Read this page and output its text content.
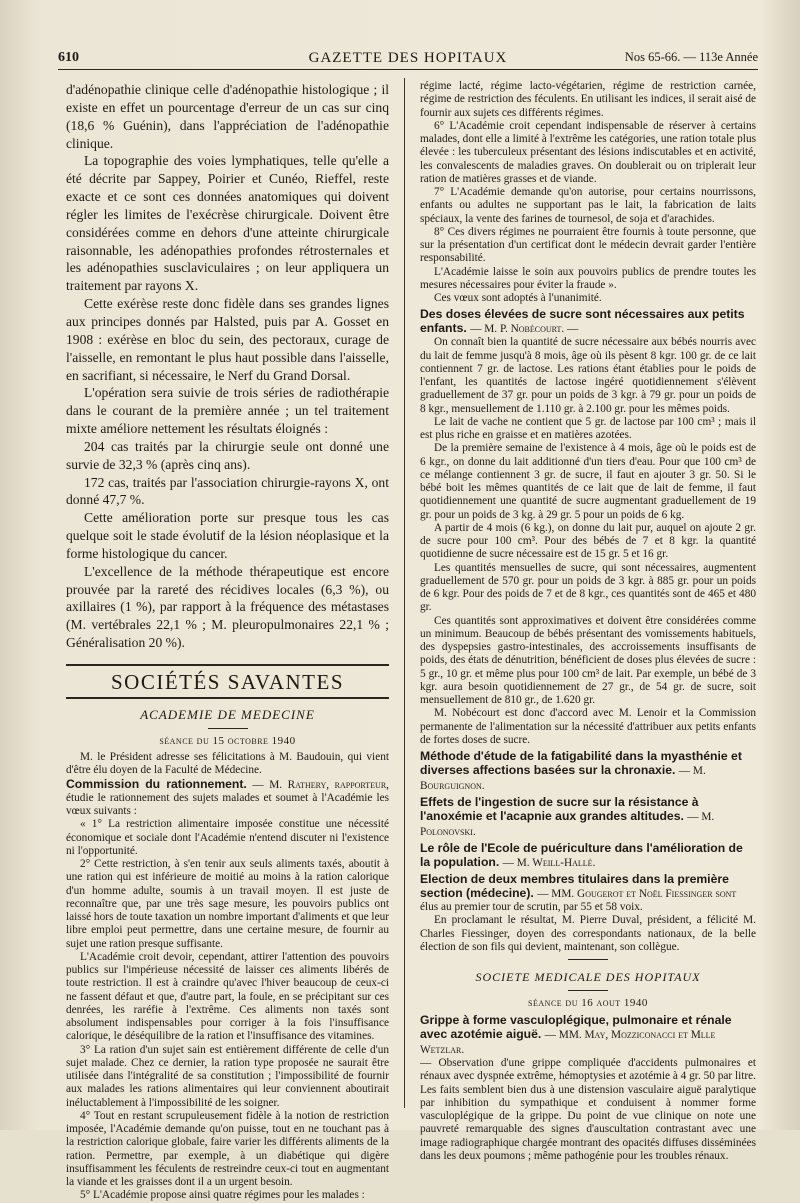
610	GAZETTE DES HOPITAUX	Nos 65-66. — 113e Année

d'adénopathie clinique celle d'adénopathie histologique ; il existe en effet un pourcentage d'erreur de un cas sur cinq (18,6 % Guénin), dans l'appréciation de l'adénopathie clinique.

La topographie des voies lymphatiques, telle qu'elle a été décrite par Sappey, Poirier et Cunéo, Rieffel, reste exacte et ce sont ces données anatomiques qui doivent régler les limites de l'exécrèse chirurgicale. Doivent être considérées comme en dehors d'une atteinte chirurgicale raisonnable, les adénopathies profondes rétrosternales et les adénopathies susclaviculaires ; on leur appliquera un traitement par rayons X.

Cette exérèse reste donc fidèle dans ses grandes lignes aux principes donnés par Halsted, puis par A. Gosset en 1908 : exérèse en bloc du sein, des pectoraux, curage de l'aisselle, en remontant le plus haut possible dans l'aisselle, en sacrifiant, si nécessaire, le Nerf du Grand Dorsal.

L'opération sera suivie de trois séries de radiothérapie dans le courant de la première année ; un tel traitement mixte améliore nettement les résultats éloignés :

204 cas traités par la chirurgie seule ont donné une survie de 32,3 % (après cinq ans).

172 cas, traités par l'association chirurgie-rayons X, ont donné 47,7 %.

Cette amélioration porte sur presque tous les cas quelque soit le stade évolutif de la lésion néoplasique et la forme histologique du cancer.

L'excellence de la méthode thérapeutique est encore prouvée par la rareté des récidives locales (6,3 %), ou axillaires (1 %), par rapport à la fréquence des métastases (M. vertébrales 22,1 % ; M. pleuropulmonaires 22,1 % ; Généralisation 20 %).

SOCIÉTÉS SAVANTES
ACADEMIE DE MEDECINE
séance du 15 octobre 1940

M. le Président adresse ses félicitations à M. Baudouin, qui vient d'être élu doyen de la Faculté de Médecine.

Commission du rationnement. — M. Rathery, rapporteur, étudie le rationnement des sujets malades et soumet à l'Académie les vœux suivants :

« 1° La restriction alimentaire imposée constitue une nécessité économique et sociale dont l'Académie n'entend discuter ni l'existence ni l'opportunité.

2° Cette restriction, à s'en tenir aux seuls aliments taxés, aboutit à une ration qui est inférieure de moitié au moins à la ration calorique d'un homme adulte, soumis à un travail moyen. Il est juste de reconnaître que, par une très sage mesure, les pouvoirs publics ont laissé hors de toute taxation un nombre important d'aliments et que leur libre emploi peut permettre, dans une certaine mesure, de fournir au sujet une ration presque suffisante.

L'Académie croit devoir, cependant, attirer l'attention des pouvoirs publics sur l'impérieuse nécessité de laisser ces aliments libérés de toute restriction. Il est à craindre qu'avec l'hiver beaucoup de ceux-ci ne fassent défaut et que, d'autre part, la foule, en se précipitant sur ces denrées, les raréfie à l'extrême. Ces aliments non taxés sont absolument indispensables pour corriger à la fois l'insuffisance calorique, le déséquilibre de la ration et l'insuffisance des vitamines.

3° La ration d'un sujet sain est entièrement différente de celle d'un sujet malade. Chez ce dernier, la ration type proposée ne saurait être utilisée dans l'intégralité de sa constitution ; l'impossibilité de fournir aux malades les rations alimentaires qui leur conviennent aboutirait inéluctablement à l'impossibilité de les soigner.

4° Tout en restant scrupuleusement fidèle à la notion de restriction imposée, l'Académie demande qu'on puisse, tout en ne touchant pas à la restriction calorique globale, faire varier les différents aliments de la ration. Permettre, par exemple, à un diabétique qui digère insuffisamment les féculents de restreindre ceux-ci tout en augmentant la viande et les graisses dont il a un urgent besoin.

5° L'Académie propose ainsi quatre régimes pour les malades :

régime lacté, régime lacto-végétarien, régime de restriction carnée, régime de restriction des féculents. En utilisant les indices, il serait aisé de fournir aux sujets ces différents régimes.

6° L'Académie croit cependant indispensable de réserver à certains malades, dont elle a limité à l'extrême les catégories, une ration totale plus élevée : les tuberculeux présentant des lésions indiscutables et en activité, les convalescents de maladies graves. On doublerait ou on triplerait leur ration de matières grasses et de viande.

7° L'Académie demande qu'on autorise, pour certains nourrissons, enfants ou adultes ne supportant pas le lait, la fabrication de laits spéciaux, la vente des farines de tournesol, de soja et d'arachides.

8° Ces divers régimes ne pourraient être fournis à toute personne, que sur la présentation d'un certificat dont le médecin devrait garder l'entière responsabilité.

L'Académie laisse le soin aux pouvoirs publics de prendre toutes les mesures nécessaires pour éviter la fraude ».

Ces vœux sont adoptés à l'unanimité.

Des doses élevées de sucre sont nécessaires aux petits enfants. — M. P. Nobécourt. —

On connaît bien la quantité de sucre nécessaire aux bébés nourris avec du lait de femme jusqu'à 8 mois, âge où ils pèsent 8 kgr. 100 gr. de ce lait contiennent 7 gr. de lactose. Les rations étant établies pour le poids de l'enfant, les quantités de lactose ingéré quotidiennement s'élèvent graduellement de 37 gr. pour un poids de 3 kgr. à 79 gr. pour un poids de 8 kgr., mensuellement de 1.110 gr. à 2.100 gr. pour les mêmes poids.

Le lait de vache ne contient que 5 gr. de lactose par 100 cm³ ; mais il est plus riche en graisse et en matières azotées.

De la première semaine de l'existence à 4 mois, âge où le poids est de 6 kgr., on donne du lait additionné d'un tiers d'eau. Pour que 100 cm³ de ce mélange contiennent 3 gr. de sucre, il faut en ajouter 3 gr. 50. Si le bébé boit les mêmes quantités de ce lait que de lait de femme, il faut quotidiennement une quantité de sucre augmentant graduellement de 19 gr. pour un poids de 3 kg. à 29 gr. 5 pour un poids de 6 kg.

A partir de 4 mois (6 kg.), on donne du lait pur, auquel on ajoute 2 gr. de sucre pour 100 cm³. Pour des bébés de 7 et 8 kgr. la quantité quotidienne de sucre nécessaire est de 15 gr. 5 et 16 gr.

Les quantités mensuelles de sucre, qui sont nécessaires, augmentent graduellement de 570 gr. pour un poids de 3 kgr. à 885 gr. pour un poids de 6 kgr. Pour des poids de 7 et de 8 kgr., ces quantités sont de 465 et 480 gr.

Ces quantités sont approximatives et doivent être considérées comme un minimum. Beaucoup de bébés présentant des vomissements habituels, des dyspepsies gastro-intestinales, des accroissements insuffisants de poids, des états de dénutrition, bénéficient de doses plus élevées de sucre : 5 gr., 10 gr. et même plus pour 100 cm³ de lait. Par exemple, un bébé de 3 kgr. aura besoin quotidiennement de 27 gr., de 54 gr. de sucre, soit mensuellement de 810 gr., de 1.620 gr.

M. Nobécourt est donc d'accord avec M. Lenoir et la Commission permanente de l'alimentation sur la nécessité d'attribuer aux petits enfants de fortes doses de sucre.

Méthode d'étude de la fatigabilité dans la myasthénie et diverses affections basées sur la chronaxie. — M. Bourguignon.
Effets de l'ingestion de sucre sur la résistance à l'anoxémie et l'acapnie aux grandes altitudes. — M. Polonovski.
Le rôle de l'Ecole de puériculture dans l'amélioration de la population. — M. Weill-Hallé.
Election de deux membres titulaires dans la première section (médecine). — MM. Gougerot et Noël Fiessinger sont

élus au premier tour de scrutin, par 55 et 58 voix.

En proclamant le résultat, M. Pierre Duval, président, a félicité M. Charles Fiessinger, doyen des correspondants nationaux, de la belle élection de son fils qui devient, maintenant, son collègue.

SOCIETE MEDICALE DES HOPITAUX
séance du 16 aout 1940
Grippe à forme vasculoplégique, pulmonaire et rénale avec azotémie aiguë. — MM. May, Mozziconacci et Mlle Wetzlar.

— Observation d'une grippe compliquée d'accidents pulmonaires et rénaux avec dyspnée extrême, hémoptysies et azotémie à 4 gr. 50 par litre. Les faits semblent bien dus à une distension vasculaire aiguë paralytique par inhibition du sympathique et conduisent à nommer forme vasculoplégique de la grippe. Du point de vue clinique on note une pauvreté remarquable des signes d'auscultation contrastant avec une image radiographique chargée montrant des opacités diffuses disséminées dans les deux poumons ; même pathogénie pour les troubles rénaux.
